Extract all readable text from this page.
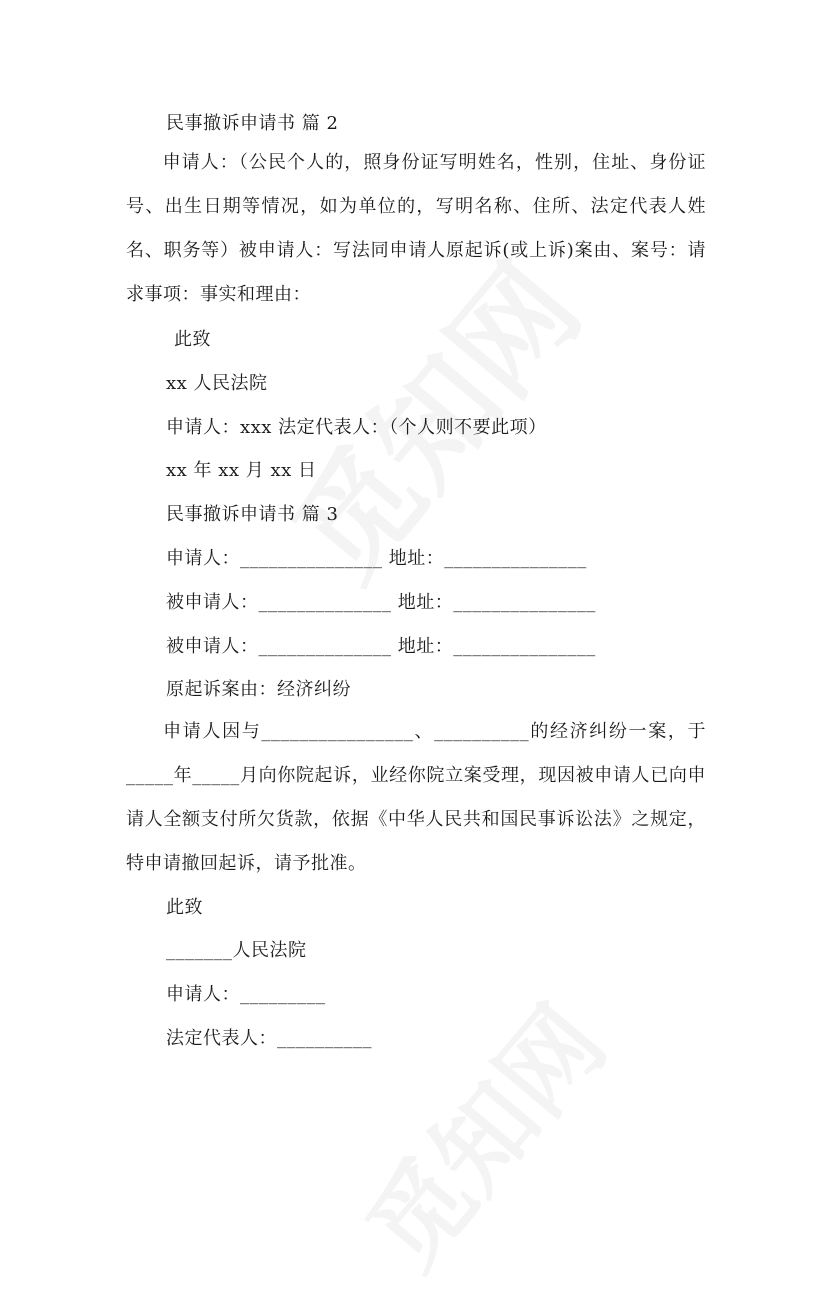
民事撤诉申请书 篇 2
申请人：（公民个人的，照身份证写明姓名，性别，住址、身份证号、出生日期等情况，如为单位的，写明名称、住所、法定代表人姓名、职务等）被申请人：写法同申请人原起诉(或上诉)案由、案号：请求事项：事实和理由：
此致
xx 人民法院
申请人：xxx 法定代表人：（个人则不要此项）
xx 年 xx 月 xx 日
民事撤诉申请书 篇 3
申请人：_______________ 地址：_______________
被申请人：______________ 地址：_______________
被申请人：______________ 地址：_______________
原起诉案由：经济纠纷
申请人因与________________、__________的经济纠纷一案，于_____年_____月向你院起诉，业经你院立案受理，现因被申请人已向申请人全额支付所欠货款，依据《中华人民共和国民事诉讼法》之规定，特申请撤回起诉，请予批准。
此致
_______人民法院
申请人：_________
法定代表人：__________
